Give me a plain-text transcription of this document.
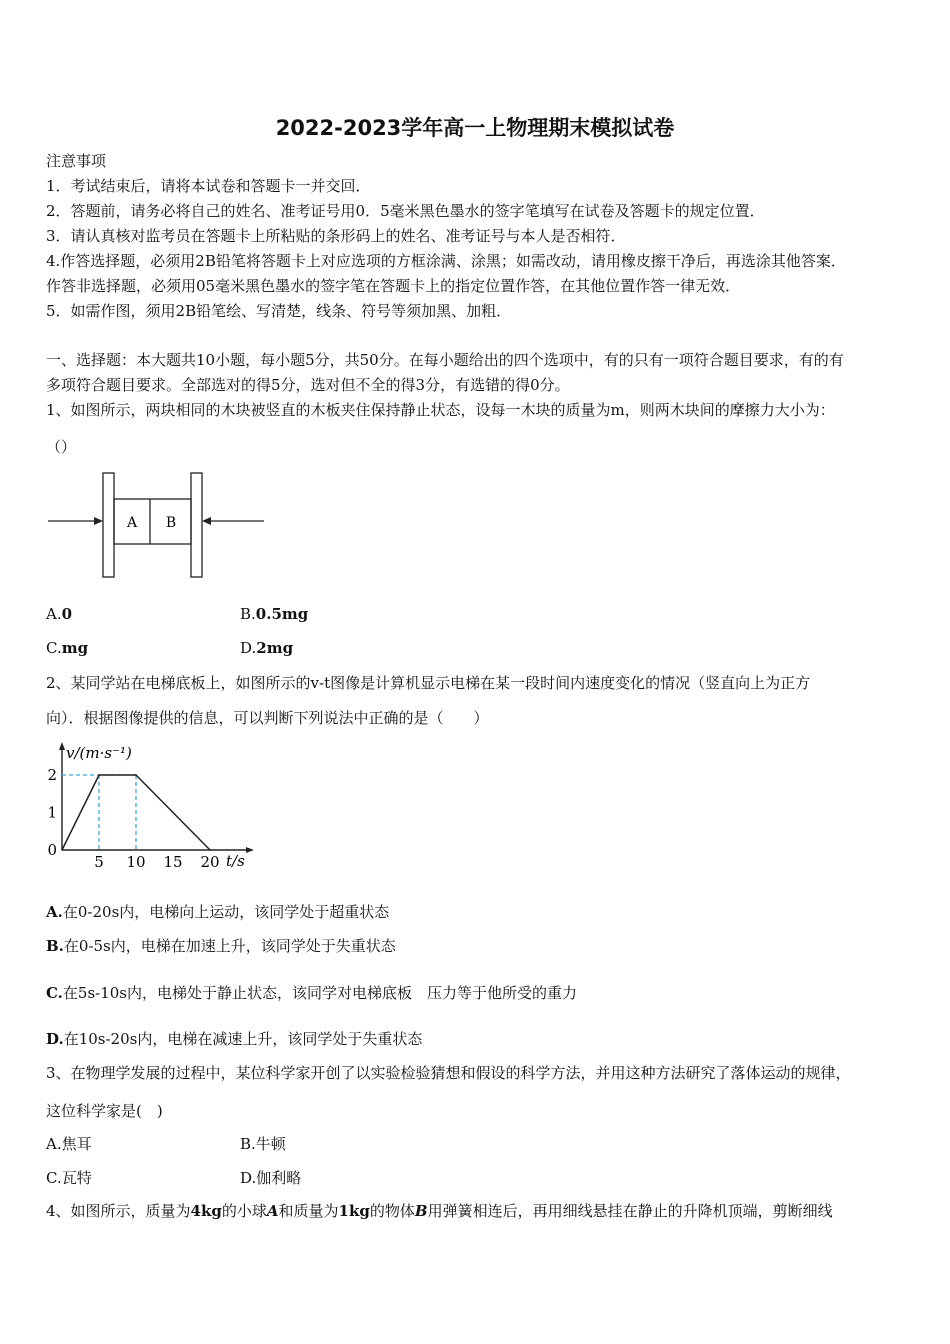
2022-2023学年高一上物理期末模拟试卷
注意事项
1．考试结束后，请将本试卷和答题卡一并交回．
2．答题前，请务必将自己的姓名、准考证号用0．5毫米黑色墨水的签字笔填写在试卷及答题卡的规定位置．
3．请认真核对监考员在答题卡上所粘贴的条形码上的姓名、准考证号与本人是否相符．
4.作答选择题，必须用2B铅笔将答题卡上对应选项的方框涂满、涂黑；如需改动，请用橡皮擦干净后，再选涂其他答案．
作答非选择题，必须用05毫米黑色墨水的签字笔在答题卡上的指定位置作答，在其他位置作答一律无效．
5．如需作图，须用2B铅笔绘、写清楚，线条、符号等须加黑、加粗．
一、选择题：本大题共10小题，每小题5分，共50分。在每小题给出的四个选项中，有的只有一项符合题目要求，有的有
多项符合题目要求。全部选对的得5分，选对但不全的得3分，有选错的得0分。
1、如图所示，两块相同的木块被竖直的木板夹住保持静止状态，设每一木块的质量为m，则两木块间的摩擦力大小为：
（）
A B
A.0	B.0.5mg
C.mg	D.2mg
2、某同学站在电梯底板上，如图所示的v-t图像是计算机显示电梯在某一段时间内速度变化的情况（竖直向上为正方
向）．根据图像提供的信息，可以判断下列说法中正确的是（　　）
5 10 15 20
0
1
2
v/(m·s⁻¹)
t/s
A.在0-20s内，电梯向上运动，该同学处于超重状态
B.在0-5s内，电梯在加速上升，该同学处于失重状态
C.在5s-10s内，电梯处于静止状态，该同学对电梯底板　压力等于他所受的重力
D.在10s-20s内，电梯在减速上升，该同学处于失重状态
3、在物理学发展的过程中，某位科学家开创了以实验检验猜想和假设的科学方法，并用这种方法研究了落体运动的规律，
这位科学家是(　)
A.焦耳	B.牛顿
C.瓦特	D.伽利略
4、如图所示，质量为4kg的小球A和质量为1kg的物体B用弹簧相连后，再用细线悬挂在静止的升降机顶端，剪断细线
